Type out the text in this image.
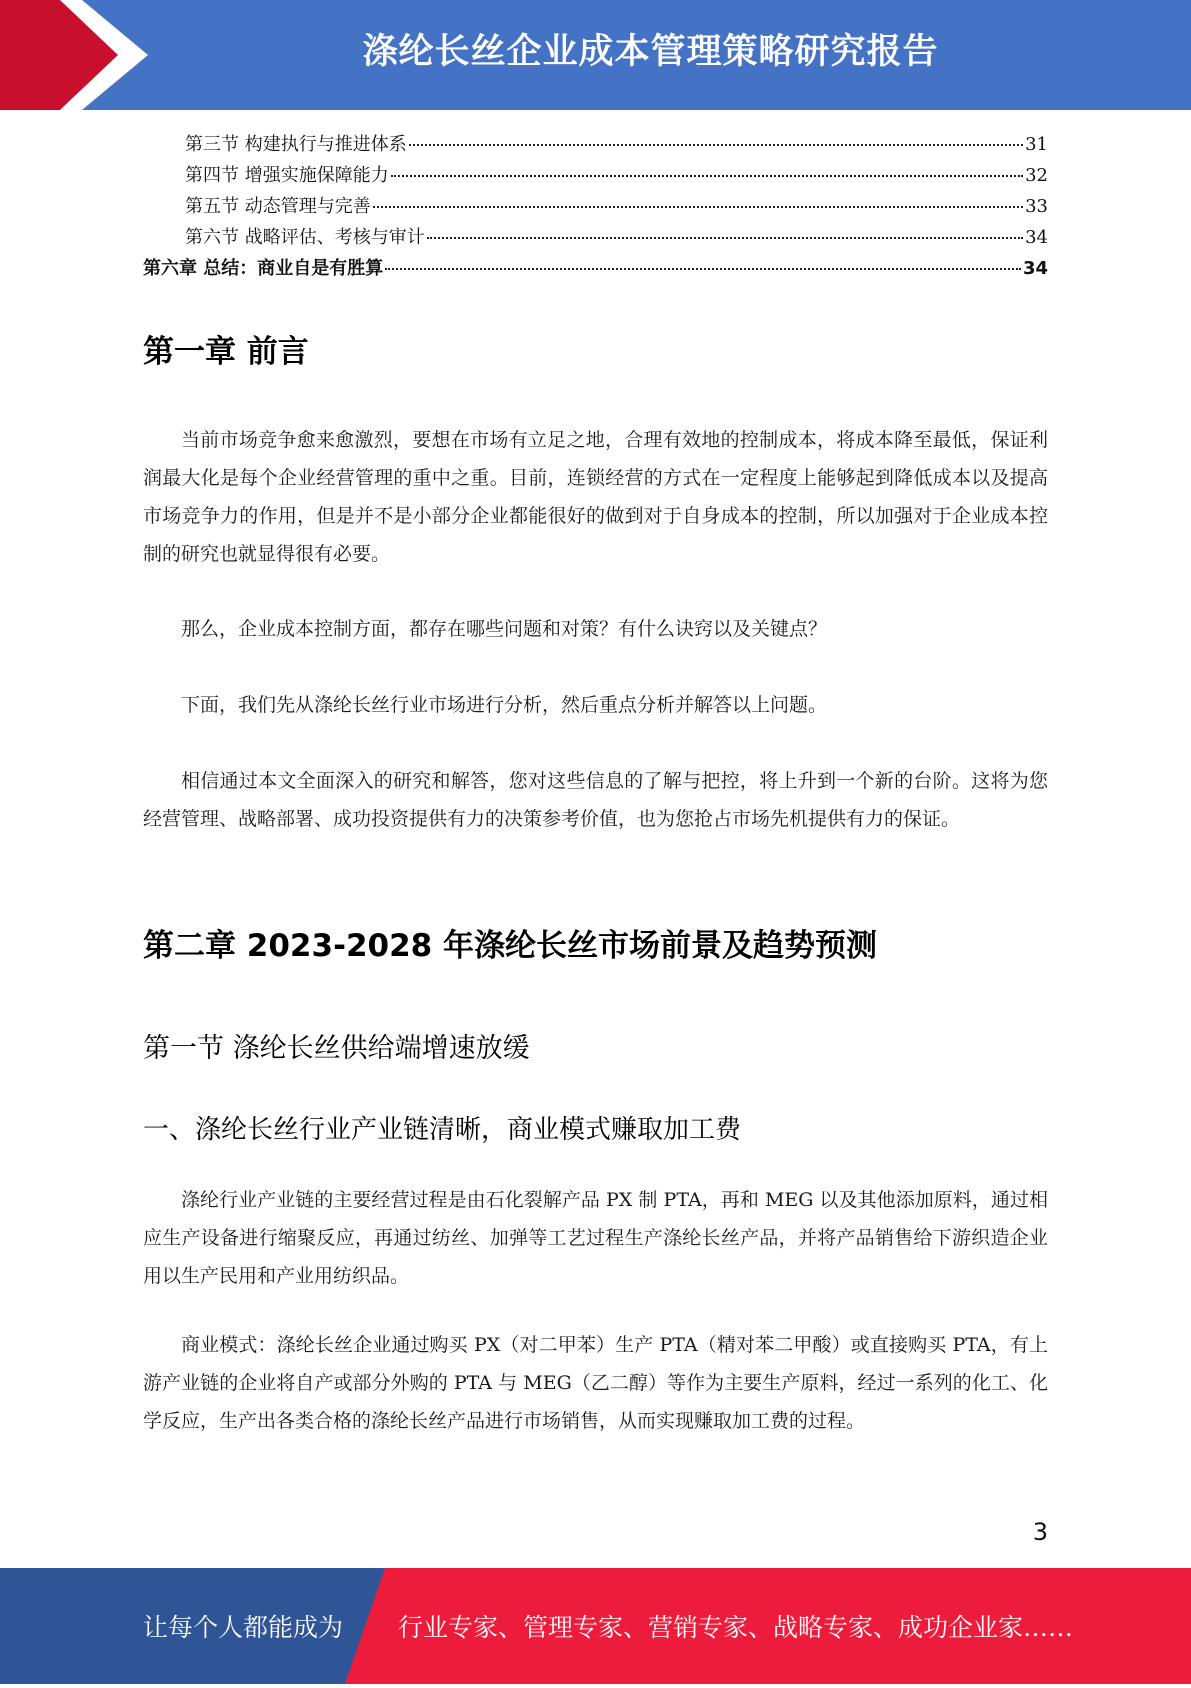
涤纶长丝企业成本管理策略研究报告
第三节 构建执行与推进体系	31
第四节 增强实施保障能力	32
第五节 动态管理与完善	33
第六节 战略评估、考核与审计	34
第六章 总结：商业自是有胜算	34
第一章 前言

当前市场竞争愈来愈激烈，要想在市场有立足之地，合理有效地的控制成本，将成本降至最低，保证利润最大化是每个企业经营管理的重中之重。目前，连锁经营的方式在一定程度上能够起到降低成本以及提高市场竞争力的作用，但是并不是小部分企业都能很好的做到对于自身成本的控制，所以加强对于企业成本控制的研究也就显得很有必要。

那么，企业成本控制方面，都存在哪些问题和对策？有什么诀窍以及关键点？

下面，我们先从涤纶长丝行业市场进行分析，然后重点分析并解答以上问题。

相信通过本文全面深入的研究和解答，您对这些信息的了解与把控，将上升到一个新的台阶。这将为您经营管理、战略部署、成功投资提供有力的决策参考价值，也为您抢占市场先机提供有力的保证。

第二章 2023-2028 年涤纶长丝市场前景及趋势预测
第一节 涤纶长丝供给端增速放缓
一、涤纶长丝行业产业链清晰，商业模式赚取加工费

涤纶行业产业链的主要经营过程是由石化裂解产品 PX 制 PTA，再和 MEG 以及其他添加原料，通过相应生产设备进行缩聚反应，再通过纺丝、加弹等工艺过程生产涤纶长丝产品，并将产品销售给下游织造企业用以生产民用和产业用纺织品。

商业模式：涤纶长丝企业通过购买 PX（对二甲苯）生产 PTA（精对苯二甲酸）或直接购买 PTA，有上游产业链的企业将自产或部分外购的 PTA 与 MEG（乙二醇）等作为主要生产原料，经过一系列的化工、化学反应，生产出各类合格的涤纶长丝产品进行市场销售，从而实现赚取加工费的过程。

3
让每个人都能成为 行业专家、管理专家、营销专家、战略专家、成功企业家……
